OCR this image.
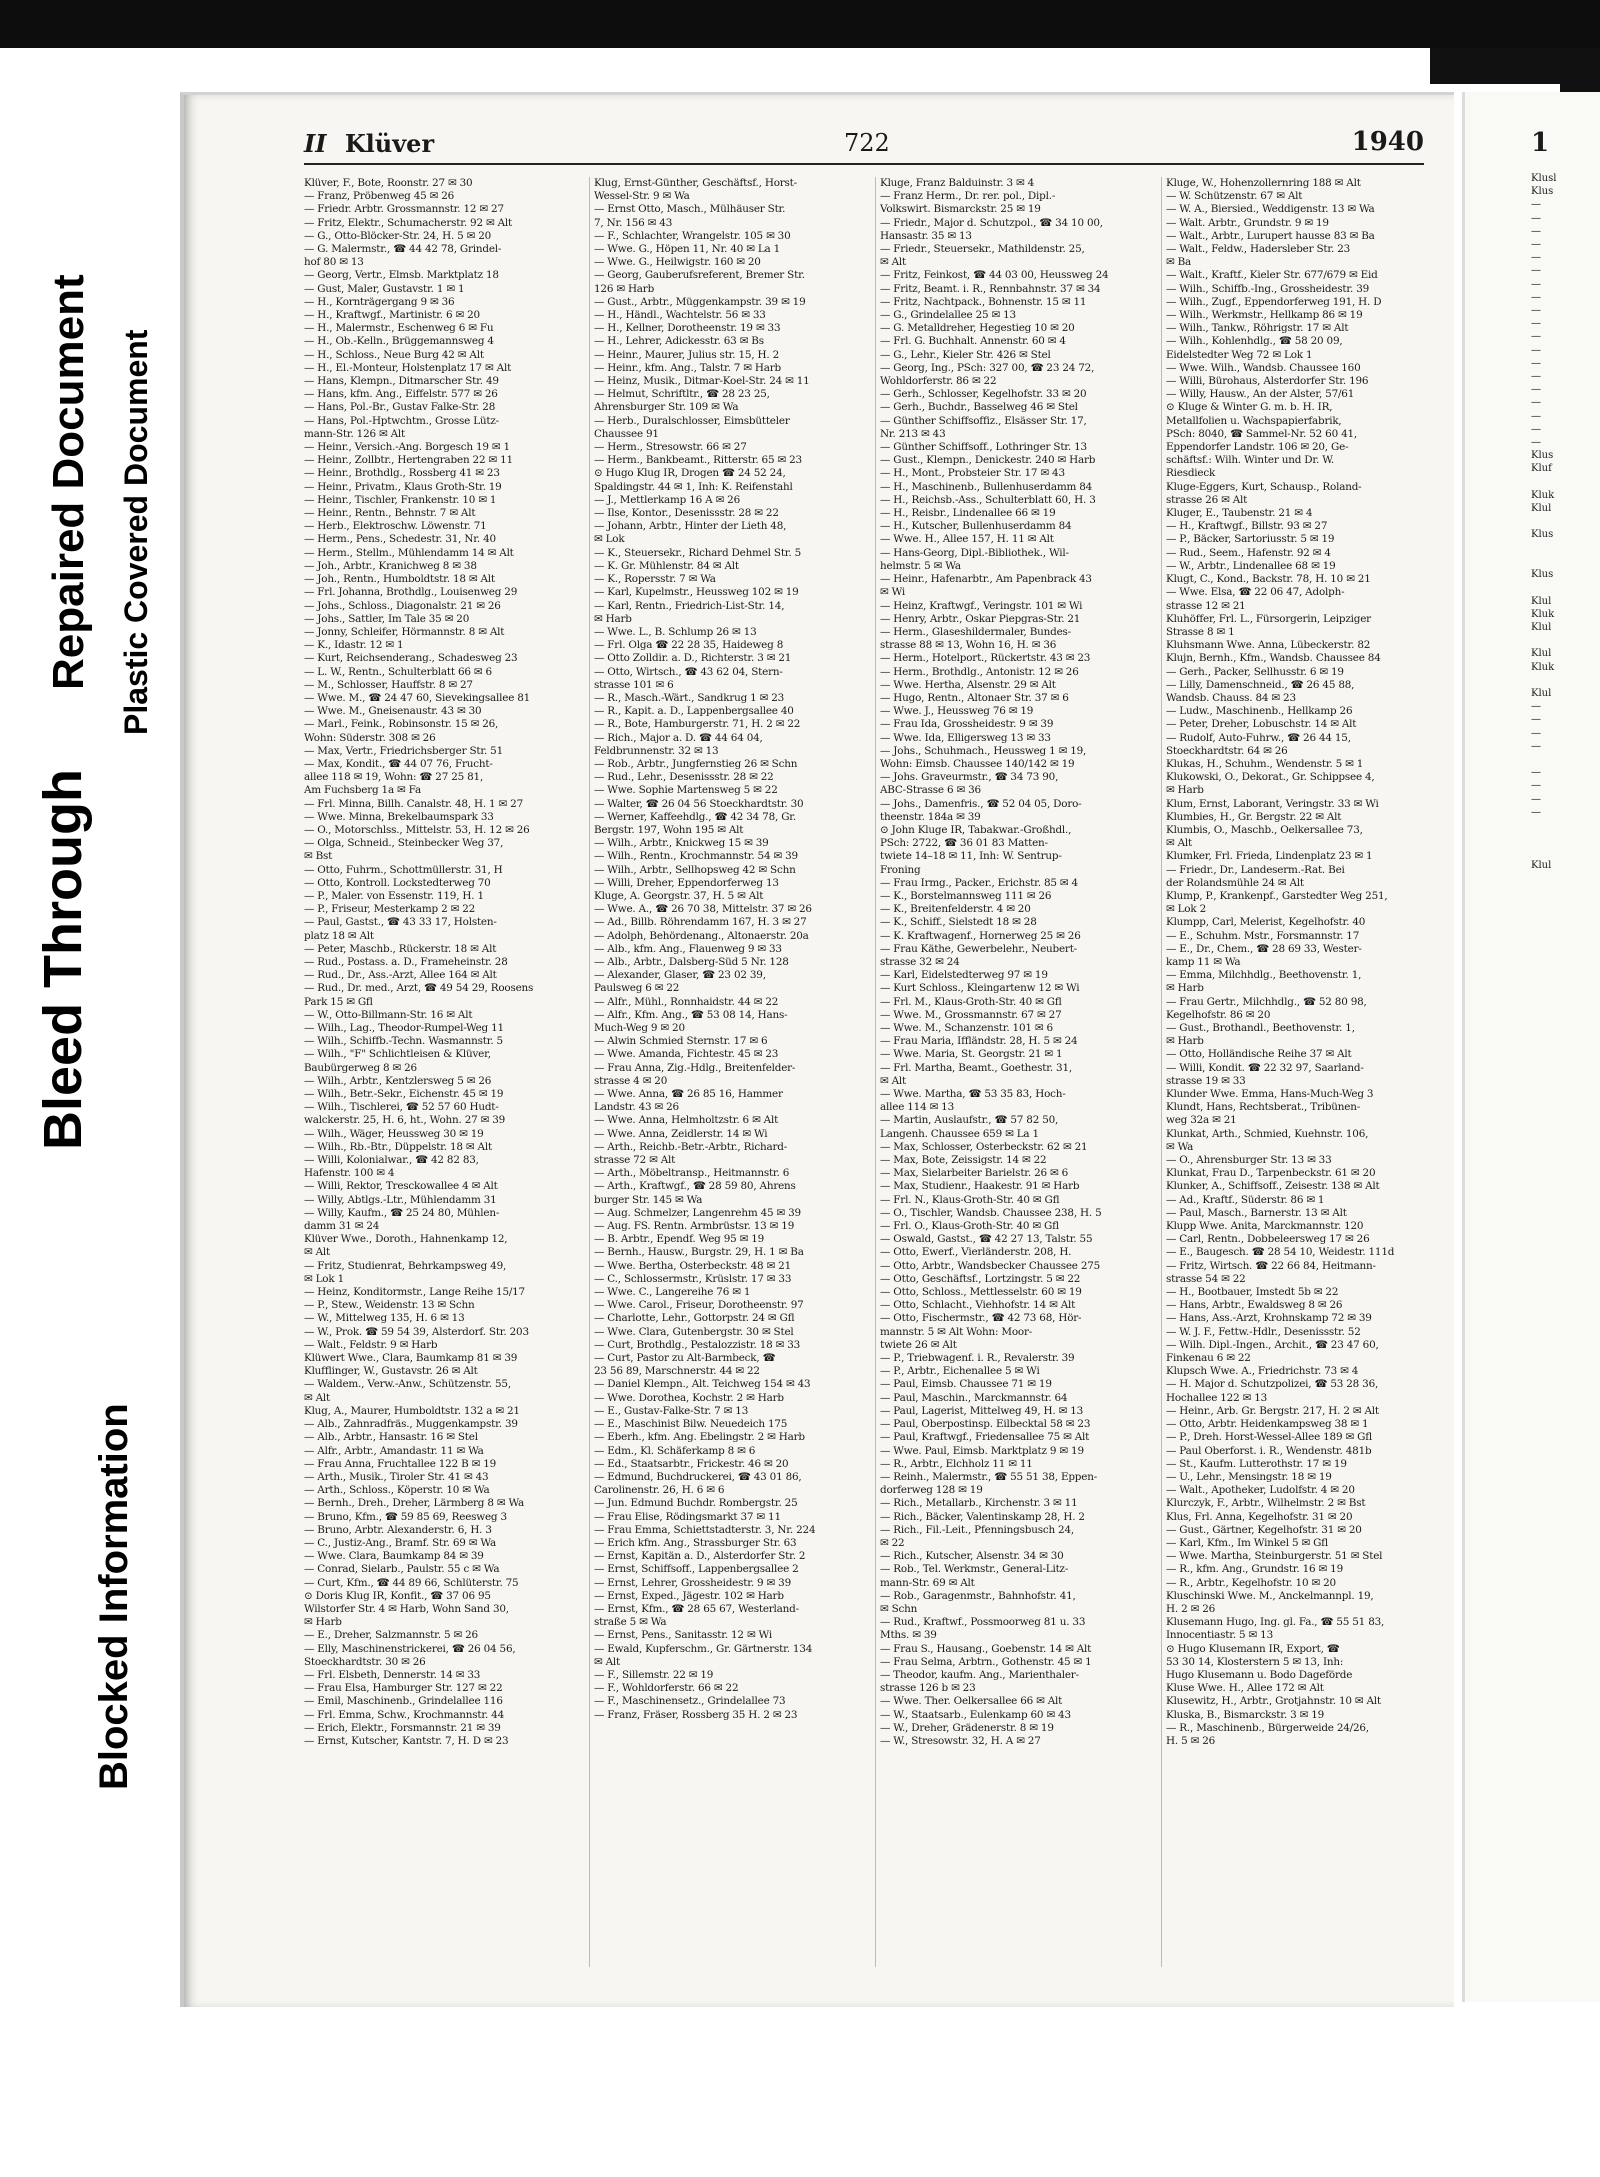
Bleed Through
Blocked Information
Repaired Document Plastic Covered Document
II Klüver	722	1940
Klüver, F., Bote, Roonstr. 27 ✉ 30
— Franz, Pröbenweg 45 ✉ 26
— Friedr. Arbtr. Grossmannstr. 12 ✉ 27
— Fritz, Elektr., Schumacherstr. 92 ✉ Alt
— G., Otto-Blöcker-Str. 24, H. 5 ✉ 20
— G. Malermstr., ☎ 44 42 78, Grindel-
hof 80 ✉ 13
— Georg, Vertr., Elmsb. Marktplatz 18
— Gust, Maler, Gustavstr. 1 ✉ 1
— H., Kornträgergang 9 ✉ 36
— H., Kraftwgf., Martinistr. 6 ✉ 20
— H., Malermstr., Eschenweg 6 ✉ Fu
— H., Ob.-Kelln., Brüggemannsweg 4
— H., Schloss., Neue Burg 42 ✉ Alt
— H., El.-Monteur, Holstenplatz 17 ✉ Alt
— Hans, Klempn., Ditmarscher Str. 49
— Hans, kfm. Ang., Eiffelstr. 577 ✉ 26
— Hans, Pol.-Br., Gustav Falke-Str. 28
— Hans, Pol.-Hptwchtm., Grosse Lütz-
mann-Str. 126 ✉ Alt
— Heinr., Versich.-Ang. Borgesch 19 ✉ 1
— Heinr., Zollbtr., Hertengraben 22 ✉ 11
— Heinr., Brothdlg., Rossberg 41 ✉ 23
— Heinr., Privatm., Klaus Groth-Str. 19
— Heinr., Tischler, Frankenstr. 10 ✉ 1
— Heinr., Rentn., Behnstr. 7 ✉ Alt
— Herb., Elektroschw. Löwenstr. 71
— Herm., Pens., Schedestr. 31, Nr. 40
— Herm., Stellm., Mühlendamm 14 ✉ Alt
— Joh., Arbtr., Kranichweg 8 ✉ 38
— Joh., Rentn., Humboldtstr. 18 ✉ Alt
— Frl. Johanna, Brothdlg., Louisenweg 29
— Johs., Schloss., Diagonalstr. 21 ✉ 26
— Johs., Sattler, Im Tale 35 ✉ 20
— Jonny, Schleifer, Hörmannstr. 8 ✉ Alt
— K., Idastr. 12 ✉ 1
— Kurt, Reichsenderang., Schadesweg 23
— L. W., Rentn., Schulterblatt 66 ✉ 6
— M., Schlosser, Hauffstr. 8 ✉ 27
— Wwe. M., ☎ 24 47 60, Sievekingsallee 81
— Wwe. M., Gneisenaustr. 43 ✉ 30
— Marl., Feink., Robinsonstr. 15 ✉ 26,
Wohn: Süderstr. 308 ✉ 26
— Max, Vertr., Friedrichsberger Str. 51
— Max, Kondit., ☎ 44 07 76, Frucht-
allee 118 ✉ 19, Wohn: ☎ 27 25 81,
Am Fuchsberg 1a ✉ Fa
— Frl. Minna, Billh. Canalstr. 48, H. 1 ✉ 27
— Wwe. Minna, Brekelbaumspark 33
— O., Motorschlss., Mittelstr. 53, H. 12 ✉ 26
— Olga, Schneid., Steinbecker Weg 37,
✉ Bst
— Otto, Fuhrm., Schottmüllerstr. 31, H
— Otto, Kontroll. Lockstedterweg 70
— P., Maler. von Essenstr. 119, H. 1
— P., Friseur, Mesterkamp 2 ✉ 22
— Paul, Gastst., ☎ 43 33 17, Holsten-
platz 18 ✉ Alt
— Peter, Maschb., Rückerstr. 18 ✉ Alt
— Rud., Postass. a. D., Frameheinstr. 28
— Rud., Dr., Ass.-Arzt, Allee 164 ✉ Alt
— Rud., Dr. med., Arzt, ☎ 49 54 29, Roosens
Park 15 ✉ Gfl
— W., Otto-Billmann-Str. 16 ✉ Alt
— Wilh., Lag., Theodor-Rumpel-Weg 11
— Wilh., Schiffb.-Techn. Wasmannstr. 5
— Wilh., "F" Schlichtleisen & Klüver,
Baubürgerweg 8 ✉ 26
— Wilh., Arbtr., Kentzlersweg 5 ✉ 26
— Wilh., Betr.-Sekr., Eichenstr. 45 ✉ 19
— Wilh., Tischlerei, ☎ 52 57 60 Hudt-
walckerstr. 25, H. 6, ht., Wohn. 27 ✉ 39
— Wilh., Wäger, Heussweg 30 ✉ 19
— Wilh., Rb.-Btr., Düppelstr. 18 ✉ Alt
— Willi, Kolonialwar., ☎ 42 82 83,
Hafenstr. 100 ✉ 4
— Willi, Rektor, Tresckowallee 4 ✉ Alt
— Willy, Abtlgs.-Ltr., Mühlendamm 31
— Willy, Kaufm., ☎ 25 24 80, Mühlen-
damm 31 ✉ 24
Klüver Wwe., Doroth., Hahnenkamp 12,
✉ Alt
— Fritz, Studienrat, Behrkampsweg 49,
✉ Lok 1
— Heinz, Konditormstr., Lange Reihe 15/17
— P., Stew., Weidenstr. 13 ✉ Schn
— W., Mittelweg 135, H. 6 ✉ 13
— W., Prok. ☎ 59 54 39, Alsterdorf. Str. 203
— Walt., Feldstr. 9 ✉ Harb
Klüwert Wwe., Clara, Baumkamp 81 ✉ 39
Klufflinger, W., Gustavstr. 26 ✉ Alt
— Waldem., Verw.-Anw., Schützenstr. 55,
✉ Alt
Klug, A., Maurer, Humboldtstr. 132 a ✉ 21
— Alb., Zahnradfräs., Muggenkampstr. 39
— Alb., Arbtr., Hansastr. 16 ✉ Stel
— Alfr., Arbtr., Amandastr. 11 ✉ Wa
— Frau Anna, Fruchtallee 122 B ✉ 19
— Arth., Musik., Tiroler Str. 41 ✉ 43
— Arth., Schloss., Köperstr. 10 ✉ Wa
— Bernh., Dreh., Dreher, Lärmberg 8 ✉ Wa
— Bruno, Kfm., ☎ 59 85 69, Reesweg 3
— Bruno, Arbtr. Alexanderstr. 6, H. 3
— C., Justiz-Ang., Bramf. Str. 69 ✉ Wa
— Wwe. Clara, Baumkamp 84 ✉ 39
— Conrad, Sielarb., Paulstr. 55 c ✉ Wa
— Curt, Kfm., ☎ 44 89 66, Schlüterstr. 75
⊙ Doris Klug IR, Konfit., ☎ 37 06 95
Wilstorfer Str. 4 ✉ Harb, Wohn Sand 30,
✉ Harb
— E., Dreher, Salzmannstr. 5 ✉ 26
— Elly, Maschinenstrickerei, ☎ 26 04 56,
Stoeckhardtstr. 30 ✉ 26
— Frl. Elsbeth, Dennerstr. 14 ✉ 33
— Frau Elsa, Hamburger Str. 127 ✉ 22
— Emil, Maschinenb., Grindelallee 116
— Frl. Emma, Schw., Krochmannstr. 44
— Erich, Elektr., Forsmannstr. 21 ✉ 39
— Ernst, Kutscher, Kantstr. 7, H. D ✉ 23
Klug, Ernst-Günther, Geschäftsf., Horst-
Wessel-Str. 9 ✉ Wa
— Ernst Otto, Masch., Mülhäuser Str.
7, Nr. 156 ✉ 43
— F., Schlachter, Wrangelstr. 105 ✉ 30
— Wwe. G., Höpen 11, Nr. 40 ✉ La 1
— Wwe. G., Heilwigstr. 160 ✉ 20
— Georg, Gauberufsreferent, Bremer Str.
126 ✉ Harb
— Gust., Arbtr., Müggenkampstr. 39 ✉ 19
— H., Händl., Wachtelstr. 56 ✉ 33
— H., Kellner, Dorotheenstr. 19 ✉ 33
— H., Lehrer, Adickesstr. 63 ✉ Bs
— Heinr., Maurer, Julius str. 15, H. 2
— Heinr., kfm. Ang., Talstr. 7 ✉ Harb
— Heinz, Musik., Ditmar-Koel-Str. 24 ✉ 11
— Helmut, Schriftltr., ☎ 28 23 25,
Ahrensburger Str. 109 ✉ Wa
— Herb., Duralschlosser, Eimsbütteler
Chaussee 91
— Herm., Stresowstr. 66 ✉ 27
— Herm., Bankbeamt., Ritterstr. 65 ✉ 23
⊙ Hugo Klug IR, Drogen ☎ 24 52 24,
Spaldingstr. 44 ✉ 1, Inh: K. Reifenstahl
— J., Mettlerkamp 16 A ✉ 26
— Ilse, Kontor., Desenissstr. 28 ✉ 22
— Johann, Arbtr., Hinter der Lieth 48,
✉ Lok
— K., Steuersekr., Richard Dehmel Str. 5
— K. Gr. Mühlenstr. 84 ✉ Alt
— K., Ropersstr. 7 ✉ Wa
— Karl, Kupelmstr., Heussweg 102 ✉ 19
— Karl, Rentn., Friedrich-List-Str. 14,
✉ Harb
— Wwe. L., B. Schlump 26 ✉ 13
— Frl. Olga ☎ 22 28 35, Haideweg 8
— Otto Zolldir. a. D., Richterstr. 3 ✉ 21
— Otto, Wirtsch., ☎ 43 62 04, Stern-
strasse 101 ✉ 6
— R., Masch.-Wärt., Sandkrug 1 ✉ 23
— R., Kapit. a. D., Lappenbergsallee 40
— R., Bote, Hamburgerstr. 71, H. 2 ✉ 22
— Rich., Major a. D. ☎ 44 64 04,
Feldbrunnenstr. 32 ✉ 13
— Rob., Arbtr., Jungfernstieg 26 ✉ Schn
— Rud., Lehr., Desenissstr. 28 ✉ 22
— Wwe. Sophie Martensweg 5 ✉ 22
— Walter, ☎ 26 04 56 Stoeckhardtstr. 30
— Werner, Kaffeehdlg., ☎ 42 34 78, Gr.
Bergstr. 197, Wohn 195 ✉ Alt
— Wilh., Arbtr., Knickweg 15 ✉ 39
— Wilh., Rentn., Krochmannstr. 54 ✉ 39
— Wilh., Arbtr., Sellhopsweg 42 ✉ Schn
— Willi, Dreher, Eppendorferweg 13
Kluge, A. Georgstr. 37, H. 5 ✉ Alt
— Wwe. A., ☎ 26 70 38, Mittelstr. 37 ✉ 26
— Ad., Billb. Röhrendamm 167, H. 3 ✉ 27
— Adolph, Behördenang., Altonaerstr. 20a
— Alb., kfm. Ang., Flauenweg 9 ✉ 33
— Alb., Arbtr., Dalsberg-Süd 5 Nr. 128
— Alexander, Glaser, ☎ 23 02 39,
Paulsweg 6 ✉ 22
— Alfr., Mühl., Ronnhaidstr. 44 ✉ 22
— Alfr., Kfm. Ang., ☎ 53 08 14, Hans-
Much-Weg 9 ✉ 20
— Alwin Schmied Sternstr. 17 ✉ 6
— Wwe. Amanda, Fichtestr. 45 ✉ 23
— Frau Anna, Zig.-Hdlg., Breitenfelder-
strasse 4 ✉ 20
— Wwe. Anna, ☎ 26 85 16, Hammer
Landstr. 43 ✉ 26
— Wwe. Anna, Helmholtzstr. 6 ✉ Alt
— Wwe. Anna, Zeidlerstr. 14 ✉ Wi
— Arth., Reichb.-Betr.-Arbtr., Richard-
strasse 72 ✉ Alt
— Arth., Möbeltransp., Heitmannstr. 6
— Arth., Kraftwgf., ☎ 28 59 80, Ahrens
burger Str. 145 ✉ Wa
— Aug. Schmelzer, Langenrehm 45 ✉ 39
— Aug. FS. Rentn. Armbrüstsr. 13 ✉ 19
— B. Arbtr., Ependf. Weg 95 ✉ 19
— Bernh., Hausw., Burgstr. 29, H. 1 ✉ Ba
— Wwe. Bertha, Osterbeckstr. 48 ✉ 21
— C., Schlossermstr., Krüslstr. 17 ✉ 33
— Wwe. C., Langereihe 76 ✉ 1
— Wwe. Carol., Friseur, Dorotheenstr. 97
— Charlotte, Lehr., Gottorpstr. 24 ✉ Gfl
— Wwe. Clara, Gutenbergstr. 30 ✉ Stel
— Curt, Brothdlg., Pestalozzistr. 18 ✉ 33
— Curt, Pastor zu Alt-Barmbeck, ☎
23 56 89, Marschnerstr. 44 ✉ 22
— Daniel Klempn., Alt. Teichweg 154 ✉ 43
— Wwe. Dorothea, Kochstr. 2 ✉ Harb
— E., Gustav-Falke-Str. 7 ✉ 13
— E., Maschinist Bilw. Neuedeich 175
— Eberh., kfm. Ang. Ebelingstr. 2 ✉ Harb
— Edm., Kl. Schäferkamp 8 ✉ 6
— Ed., Staatsarbtr., Frickestr. 46 ✉ 20
— Edmund, Buchdruckerei, ☎ 43 01 86,
Carolinenstr. 26, H. 6 ✉ 6
— Jun. Edmund Buchdr. Rombergstr. 25
— Frau Elise, Rödingsmarkt 37 ✉ 11
— Frau Emma, Schiettstadterstr. 3, Nr. 224
— Erich kfm. Ang., Strassburger Str. 63
— Ernst, Kapitän a. D., Alsterdorfer Str. 2
— Ernst, Schiffsoff., Lappenbergsallee 2
— Ernst, Lehrer, Grossheidestr. 9 ✉ 39
— Ernst, Exped., Jägestr. 102 ✉ Harb
— Ernst, Kfm., ☎ 28 65 67, Westerland-
straße 5 ✉ Wa
— Ernst, Pens., Sanitasstr. 12 ✉ Wi
— Ewald, Kupferschm., Gr. Gärtnerstr. 134
✉ Alt
— F., Sillemstr. 22 ✉ 19
— F., Wohldorferstr. 66 ✉ 22
— F., Maschinensetz., Grindelallee 73
— Franz, Fräser, Rossberg 35 H. 2 ✉ 23
Kluge, Franz Balduinstr. 3 ✉ 4
— Franz Herm., Dr. rer. pol., Dipl.-
Volkswirt. Bismarckstr. 25 ✉ 19
— Friedr., Major d. Schutzpol., ☎ 34 10 00,
Hansastr. 35 ✉ 13
— Friedr., Steuersekr., Mathildenstr. 25,
✉ Alt
— Fritz, Feinkost, ☎ 44 03 00, Heussweg 24
— Fritz, Beamt. i. R., Rennbahnstr. 37 ✉ 34
— Fritz, Nachtpack., Bohnenstr. 15 ✉ 11
— G., Grindelallee 25 ✉ 13
— G. Metalldreher, Hegestieg 10 ✉ 20
— Frl. G. Buchhalt. Annenstr. 60 ✉ 4
— G., Lehr., Kieler Str. 426 ✉ Stel
— Georg, Ing., PSch: 327 00, ☎ 23 24 72,
Wohldorferstr. 86 ✉ 22
— Gerh., Schlosser, Kegelhofstr. 33 ✉ 20
— Gerh., Buchdr., Basselweg 46 ✉ Stel
— Günther Schiffsoffiz., Elsässer Str. 17,
Nr. 213 ✉ 43
— Günther Schiffsoff., Lothringer Str. 13
— Gust., Klempn., Denickestr. 240 ✉ Harb
— H., Mont., Probsteier Str. 17 ✉ 43
— H., Maschinenb., Bullenhuserdamm 84
— H., Reichsb.-Ass., Schulterblatt 60, H. 3
— H., Reisbr., Lindenallee 66 ✉ 19
— H., Kutscher, Bullenhuserdamm 84
— Wwe. H., Allee 157, H. 11 ✉ Alt
— Hans-Georg, Dipl.-Bibliothek., Wil-
helmstr. 5 ✉ Wa
— Heinr., Hafenarbtr., Am Papenbrack 43
✉ Wi
— Heinz, Kraftwgf., Veringstr. 101 ✉ Wi
— Henry, Arbtr., Oskar Piepgras-Str. 21
— Herm., Glaseshildermaler, Bundes-
strasse 88 ✉ 13, Wohn 16, H. ✉ 36
— Herm., Hotelport., Rückertstr. 43 ✉ 23
— Herm., Brothdlg., Antonistr. 12 ✉ 26
— Wwe. Hertha, Alsenstr. 29 ✉ Alt
— Hugo, Rentn., Altonaer Str. 37 ✉ 6
— Wwe. J., Heussweg 76 ✉ 19
— Frau Ida, Grossheidestr. 9 ✉ 39
— Wwe. Ida, Elligersweg 13 ✉ 33
— Johs., Schuhmach., Heussweg 1 ✉ 19,
Wohn: Eimsb. Chaussee 140/142 ✉ 19
— Johs. Graveurmstr., ☎ 34 73 90,
ABC-Strasse 6 ✉ 36
— Johs., Damenfris., ☎ 52 04 05, Doro-
theenstr. 184a ✉ 39
⊙ John Kluge IR, Tabakwar.-Großhdl.,
PSch: 2722, ☎ 36 01 83 Matten-
twiete 14–18 ✉ 11, Inh: W. Sentrup-
Froning
— Frau Irmg., Packer., Erichstr. 85 ✉ 4
— K., Borstelmannsweg 111 ✉ 26
— K., Breitenfelderstr. 4 ✉ 20
— K., Schiff., Sielstedt 18 ✉ 28
— K. Kraftwagenf., Hornerweg 25 ✉ 26
— Frau Käthe, Gewerbelehr., Neubert-
strasse 32 ✉ 24
— Karl, Eidelstedterweg 97 ✉ 19
— Kurt Schloss., Kleingartenw 12 ✉ Wi
— Frl. M., Klaus-Groth-Str. 40 ✉ Gfl
— Wwe. M., Grossmannstr. 67 ✉ 27
— Wwe. M., Schanzenstr. 101 ✉ 6
— Frau Maria, Iffländstr. 28, H. 5 ✉ 24
— Wwe. Maria, St. Georgstr. 21 ✉ 1
— Frl. Martha, Beamt., Goethestr. 31,
✉ Alt
— Wwe. Martha, ☎ 53 35 83, Hoch-
allee 114 ✉ 13
— Martin, Auslaufstr., ☎ 57 82 50,
Langenh. Chaussee 659 ✉ La 1
— Max, Schlosser, Osterbeckstr. 62 ✉ 21
— Max, Bote, Zeissigstr. 14 ✉ 22
— Max, Sielarbeiter Barielstr. 26 ✉ 6
— Max, Studienr., Haakestr. 91 ✉ Harb
— Frl. N., Klaus-Groth-Str. 40 ✉ Gfl
— O., Tischler, Wandsb. Chaussee 238, H. 5
— Frl. O., Klaus-Groth-Str. 40 ✉ Gfl
— Oswald, Gastst., ☎ 42 27 13, Talstr. 55
— Otto, Ewerf., Vierländerstr. 208, H.
— Otto, Arbtr., Wandsbecker Chaussee 275
— Otto, Geschäftsf., Lortzingstr. 5 ✉ 22
— Otto, Schloss., Mettlesselstr. 60 ✉ 19
— Otto, Schlacht., Viehhofstr. 14 ✉ Alt
— Otto, Fischermstr., ☎ 42 73 68, Hör-
mannstr. 5 ✉ Alt Wohn: Moor-
twiete 26 ✉ Alt
— P., Triebwagenf. i. R., Revalerstr. 39
— P., Arbtr., Eichenallee 5 ✉ Wi
— Paul, Eimsb. Chaussee 71 ✉ 19
— Paul, Maschin., Marckmannstr. 64
— Paul, Lagerist, Mittelweg 49, H. ✉ 13
— Paul, Oberpostinsp. Eilbecktal 58 ✉ 23
— Paul, Kraftwgf., Friedensallee 75 ✉ Alt
— Wwe. Paul, Eimsb. Marktplatz 9 ✉ 19
— R., Arbtr., Elchholz 11 ✉ 11
— Reinh., Malermstr., ☎ 55 51 38, Eppen-
dorferweg 128 ✉ 19
— Rich., Metallarb., Kirchenstr. 3 ✉ 11
— Rich., Bäcker, Valentinskamp 28, H. 2
— Rich., Fil.-Leit., Pfenningsbusch 24,
✉ 22
— Rich., Kutscher, Alsenstr. 34 ✉ 30
— Rob., Tel. Werkmstr., General-Litz-
mann-Str. 69 ✉ Alt
— Rob., Garagenmstr., Bahnhofstr. 41,
✉ Schn
— Rud., Kraftwf., Possmoorweg 81 u. 33
Mths. ✉ 39
— Frau S., Hausang., Goebenstr. 14 ✉ Alt
— Frau Selma, Arbtrn., Gothenstr. 45 ✉ 1
— Theodor, kaufm. Ang., Marienthaler-
strasse 126 b ✉ 23
— Wwe. Ther. Oelkersallee 66 ✉ Alt
— W., Staatsarb., Eulenkamp 60 ✉ 43
— W., Dreher, Grädenerstr. 8 ✉ 19
— W., Stresowstr. 32, H. A ✉ 27
Kluge, W., Hohenzollernring 188 ✉ Alt
— W. Schützenstr. 67 ✉ Alt
— W. A., Biersied., Weddigenstr. 13 ✉ Wa
— Walt. Arbtr., Grundstr. 9 ✉ 19
— Walt., Arbtr., Lurupert hausse 83 ✉ Ba
— Walt., Feldw., Hadersleber Str. 23
✉ Ba
— Walt., Kraftf., Kieler Str. 677/679 ✉ Eid
— Wilh., Schiffb.-Ing., Grossheidestr. 39
— Wilh., Zugf., Eppendorferweg 191, H. D
— Wilh., Werkmstr., Hellkamp 86 ✉ 19
— Wilh., Tankw., Röhrigstr. 17 ✉ Alt
— Wilh., Kohlenhdlg., ☎ 58 20 09,
Eidelstedter Weg 72 ✉ Lok 1
— Wwe. Wilh., Wandsb. Chaussee 160
— Willi, Bürohaus, Alsterdorfer Str. 196
— Willy, Hausw., An der Alster, 57/61
⊙ Kluge & Winter G. m. b. H. IR,
Metallfolien u. Wachspapierfabrik,
PSch: 8040, ☎ Sammel-Nr. 52 60 41,
Eppendorfer Landstr. 106 ✉ 20, Ge-
schäftsf.: Wilh. Winter und Dr. W.
Riesdieck
Kluge-Eggers, Kurt, Schausp., Roland-
strasse 26 ✉ Alt
Kluger, E., Taubenstr. 21 ✉ 4
— H., Kraftwgf., Billstr. 93 ✉ 27
— P., Bäcker, Sartoriusstr. 5 ✉ 19
— Rud., Seem., Hafenstr. 92 ✉ 4
— W., Arbtr., Lindenallee 68 ✉ 19
Klugt, C., Kond., Backstr. 78, H. 10 ✉ 21
— Wwe. Elsa, ☎ 22 06 47, Adolph-
strasse 12 ✉ 21
Kluhöffer, Frl. L., Fürsorgerin, Leipziger
Strasse 8 ✉ 1
Kluhsmann Wwe. Anna, Lübeckerstr. 82
Klujn, Bernh., Kfm., Wandsb. Chaussee 84
— Gerh., Packer, Sellhusstr. 6 ✉ 19
— Lilly, Damenschneid., ☎ 26 45 88,
Wandsb. Chauss. 84 ✉ 23
— Ludw., Maschinenb., Hellkamp 26
— Peter, Dreher, Lobuschstr. 14 ✉ Alt
— Rudolf, Auto-Fuhrw., ☎ 26 44 15,
Stoeckhardtstr. 64 ✉ 26
Klukas, H., Schuhm., Wendenstr. 5 ✉ 1
Klukowski, O., Dekorat., Gr. Schippsee 4,
✉ Harb
Klum, Ernst, Laborant, Veringstr. 33 ✉ Wi
Klumbies, H., Gr. Bergstr. 22 ✉ Alt
Klumbis, O., Maschb., Oelkersallee 73,
✉ Alt
Klumker, Frl. Frieda, Lindenplatz 23 ✉ 1
— Friedr., Dr., Landeserm.-Rat. Bei
der Rolandsmühle 24 ✉ Alt
Klump, P., Krankenpf., Garstedter Weg 251,
✉ Lok 2
Klumpp, Carl, Melerist, Kegelhofstr. 40
— E., Schuhm. Mstr., Forsmannstr. 17
— E., Dr., Chem., ☎ 28 69 33, Wester-
kamp 11 ✉ Wa
— Emma, Milchhdlg., Beethovenstr. 1,
✉ Harb
— Frau Gertr., Milchhdlg., ☎ 52 80 98,
Kegelhofstr. 86 ✉ 20
— Gust., Brothandl., Beethovenstr. 1,
✉ Harb
— Otto, Holländische Reihe 37 ✉ Alt
— Willi, Kondit. ☎ 22 32 97, Saarland-
strasse 19 ✉ 33
Klunder Wwe. Emma, Hans-Much-Weg 3
Klundt, Hans, Rechtsberat., Tribünen-
weg 32a ✉ 21
Klunkat, Arth., Schmied, Kuehnstr. 106,
✉ Wa
— O., Ahrensburger Str. 13 ✉ 33
Klunkat, Frau D., Tarpenbeckstr. 61 ✉ 20
Klunker, A., Schiffsoff., Zeisestr. 138 ✉ Alt
— Ad., Kraftf., Süderstr. 86 ✉ 1
— Paul, Masch., Barnerstr. 13 ✉ Alt
Klupp Wwe. Anita, Marckmannstr. 120
— Carl, Rentn., Dobbeleersweg 17 ✉ 26
— E., Baugesch. ☎ 28 54 10, Weidestr. 111d
— Fritz, Wirtsch. ☎ 22 66 84, Heitmann-
strasse 54 ✉ 22
— H., Bootbauer, Imstedt 5b ✉ 22
— Hans, Arbtr., Ewaldsweg 8 ✉ 26
— Hans, Ass.-Arzt, Krohnskamp 72 ✉ 39
— W. J. F., Fettw.-Hdlr., Desenissstr. 52
— Wilh. Dipl.-Ingen., Archit., ☎ 23 47 60,
Finkenau 6 ✉ 22
Klupsch Wwe. A., Friedrichstr. 73 ✉ 4
— H. Major d. Schutzpolizei, ☎ 53 28 36,
Hochallee 122 ✉ 13
— Heinr., Arb. Gr. Bergstr. 217, H. 2 ✉ Alt
— Otto, Arbtr. Heidenkampsweg 38 ✉ 1
— P., Dreh. Horst-Wessel-Allee 189 ✉ Gfl
— Paul Oberforst. i. R., Wendenstr. 481b
— St., Kaufm. Lutterothstr. 17 ✉ 19
— U., Lehr., Mensingstr. 18 ✉ 19
— Walt., Apotheker, Ludolfstr. 4 ✉ 20
Klurczyk, F., Arbtr., Wilhelmstr. 2 ✉ Bst
Klus, Frl. Anna, Kegelhofstr. 31 ✉ 20
— Gust., Gärtner, Kegelhofstr. 31 ✉ 20
— Karl, Kfm., Im Winkel 5 ✉ Gfl
— Wwe. Martha, Steinburgerstr. 51 ✉ Stel
— R., kfm. Ang., Grundstr. 16 ✉ 19
— R., Arbtr., Kegelhofstr. 10 ✉ 20
Kluschinski Wwe. M., Anckelmannpl. 19,
H. 2 ✉ 26
Klusemann Hugo, Ing. gl. Fa., ☎ 55 51 83,
Innocentiastr. 5 ✉ 13
⊙ Hugo Klusemann IR, Export, ☎
53 30 14, Klosterstern 5 ✉ 13, Inh:
Hugo Klusemann u. Bodo Dageförde
Kluse Wwe. H., Allee 172 ✉ Alt
Klusewitz, H., Arbtr., Grotjahnstr. 10 ✉ Alt
Kluska, B., Bismarckstr. 3 ✉ 19
— R., Maschinenb., Bürgerweide 24/26,
H. 5 ✉ 26
1
Klusl
Klus
—
—
—
—
—
—
—
—
—
—
—
—
—
—
—
—
—
—
—
Klus
Kluf

Kluk
Klul

Klus

Klus

Klul
Kluk
Klul

Klul
Kluk

Klul
—
—
—
—

—
—
—
—

Klul
